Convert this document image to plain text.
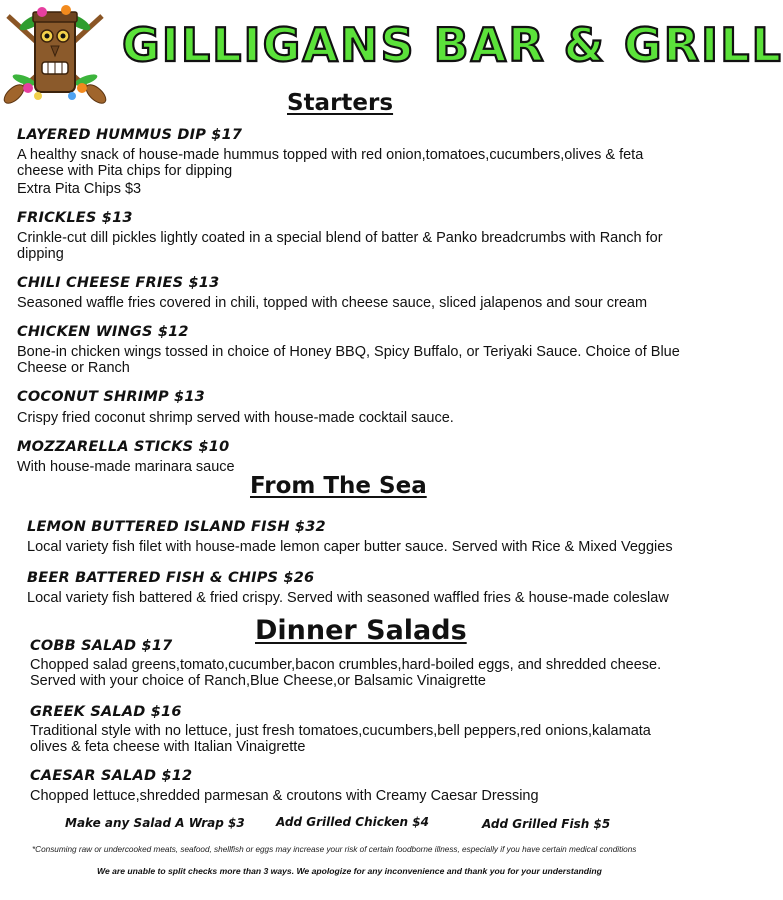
GILLIGANS BAR & GRILL
Starters
LAYERED HUMMUS DIP $17
A healthy snack of house-made hummus topped with red onion,tomatoes,cucumbers,olives & feta cheese with Pita chips for dipping
Extra Pita Chips $3
FRICKLES $13
Crinkle-cut dill pickles lightly coated in a special blend of batter & Panko breadcrumbs with Ranch for dipping
CHILI CHEESE FRIES $13
Seasoned waffle fries covered in chili, topped with cheese sauce, sliced jalapenos and sour cream
CHICKEN WINGS $12
Bone-in chicken wings tossed in choice of Honey BBQ, Spicy Buffalo, or Teriyaki Sauce. Choice of Blue Cheese or Ranch
COCONUT SHRIMP $13
Crispy fried coconut shrimp served with house-made cocktail sauce.
MOZZARELLA STICKS $10
With house-made marinara sauce
From The Sea
LEMON BUTTERED ISLAND FISH $32
Local variety fish filet with house-made lemon caper butter sauce. Served with Rice & Mixed Veggies
BEER BATTERED FISH & CHIPS $26
Local variety fish battered & fried crispy. Served with seasoned waffled fries & house-made coleslaw
Dinner Salads
COBB SALAD $17
Chopped salad greens,tomato,cucumber,bacon crumbles,hard-boiled eggs, and shredded cheese. Served with your choice of Ranch,Blue Cheese,or Balsamic Vinaigrette
GREEK SALAD $16
Traditional style with no lettuce, just fresh tomatoes,cucumbers,bell peppers,red onions,kalamata olives & feta cheese with Italian Vinaigrette
CAESAR SALAD $12
Chopped lettuce,shredded parmesan & croutons with Creamy Caesar Dressing
Make any Salad A Wrap $3	Add Grilled Chicken $4	Add Grilled Fish $5
*Consuming raw or undercooked meats, seafood, shellfish or eggs may increase your risk of certain foodborne illness, especially if you have certain medical conditions
We are unable to split checks more than 3 ways. We apologize for any inconvenience and thank you for your understanding
